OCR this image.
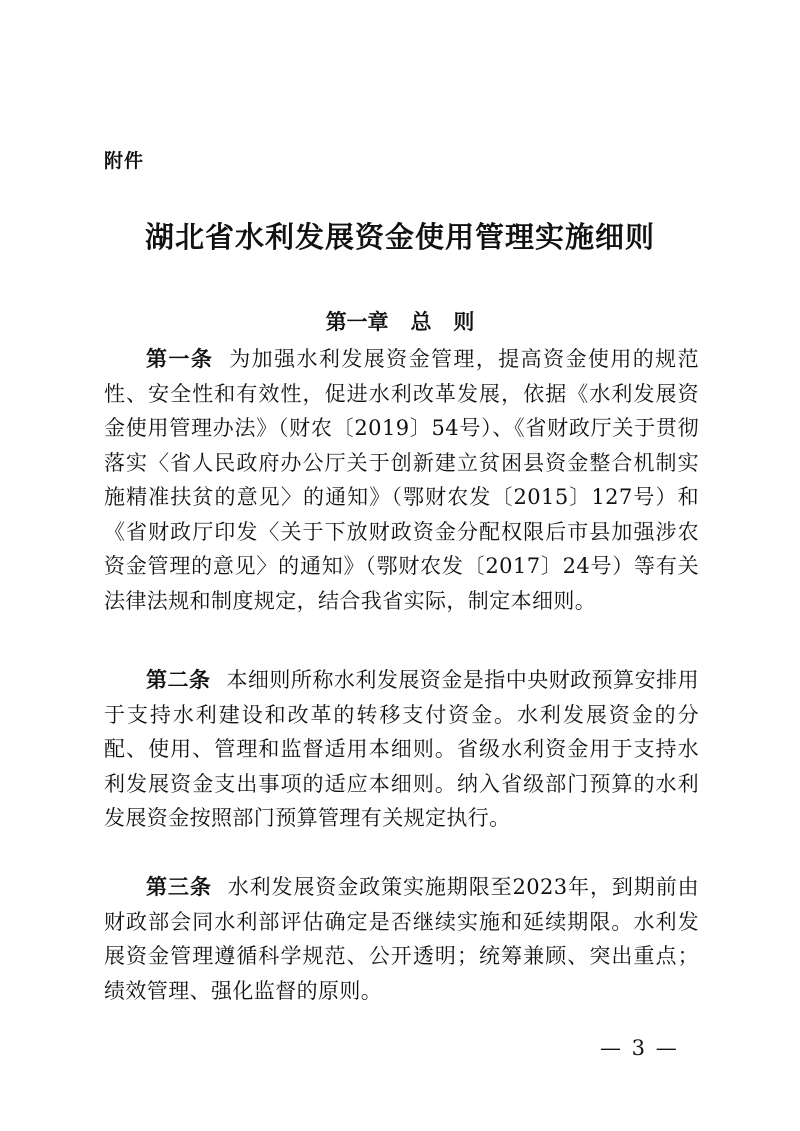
附件
湖北省水利发展资金使用管理实施细则
第一章   总   则
第一条 为加强水利发展资金管理，提高资金使用的规范性、安全性和有效性，促进水利改革发展，依据《水利发展资金使用管理办法》（财农〔2019〕54号）、《省财政厅关于贯彻落实〈省人民政府办公厅关于创新建立贫困县资金整合机制实施精准扶贫的意见〉的通知》（鄂财农发〔2015〕127号）和《省财政厅印发〈关于下放财政资金分配权限后市县加强涉农资金管理的意见〉的通知》（鄂财农发〔2017〕24号）等有关法律法规和制度规定，结合我省实际，制定本细则。
第二条 本细则所称水利发展资金是指中央财政预算安排用于支持水利建设和改革的转移支付资金。水利发展资金的分配、使用、管理和监督适用本细则。省级水利资金用于支持水利发展资金支出事项的适应本细则。纳入省级部门预算的水利发展资金按照部门预算管理有关规定执行。
第三条 水利发展资金政策实施期限至2023年，到期前由财政部会同水利部评估确定是否继续实施和延续期限。水利发展资金管理遵循科学规范、公开透明；统筹兼顾、突出重点；绩效管理、强化监督的原则。
— 3 —
